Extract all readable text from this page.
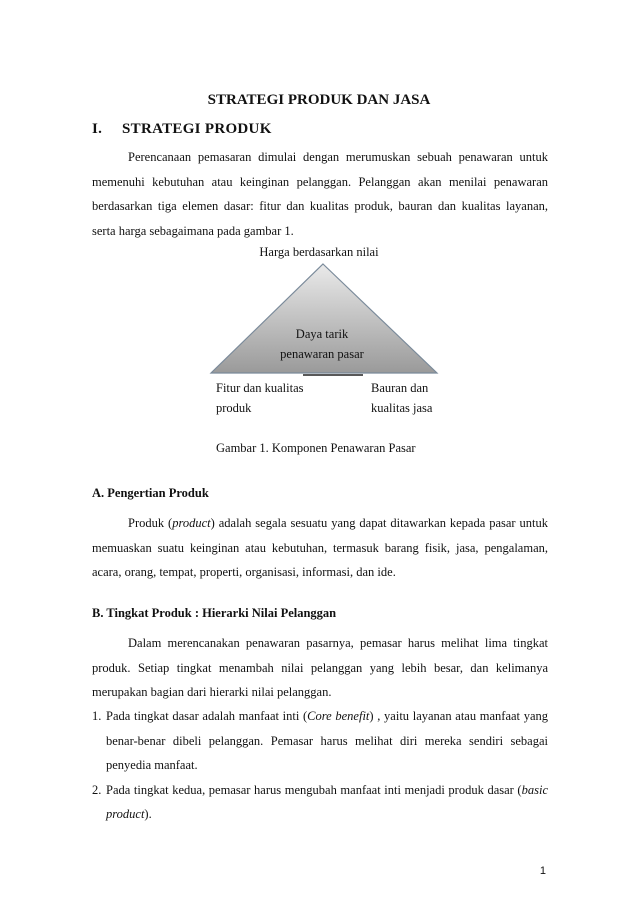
STRATEGI PRODUK DAN JASA
I. STRATEGI PRODUK

Perencanaan pemasaran dimulai dengan merumuskan sebuah penawaran untuk memenuhi kebutuhan atau keinginan pelanggan. Pelanggan akan menilai penawaran berdasarkan tiga elemen dasar: fitur dan kualitas produk, bauran dan kualitas layanan, serta harga sebagaimana pada gambar 1.

Harga berdasarkan nilai
Daya tarik
penawaran pasar
Fitur dan kualitas
produk
Bauran dan
kualitas jasa
Gambar 1. Komponen Penawaran Pasar
A. Pengertian Produk

Produk (product) adalah segala sesuatu yang dapat ditawarkan kepada pasar untuk memuaskan suatu keinginan atau kebutuhan, termasuk barang fisik, jasa, pengalaman, acara, orang, tempat, properti, organisasi, informasi, dan ide.

B. Tingkat Produk : Hierarki Nilai Pelanggan

Dalam merencanakan penawaran pasarnya, pemasar harus melihat lima tingkat produk. Setiap tingkat menambah nilai pelanggan yang lebih besar, dan kelimanya merupakan bagian dari hierarki nilai pelanggan.

1. Pada tingkat dasar adalah manfaat inti (Core benefit) , yaitu layanan atau manfaat yang benar-benar dibeli pelanggan. Pemasar harus melihat diri mereka sendiri sebagai penyedia manfaat.
2. Pada tingkat kedua, pemasar harus mengubah manfaat inti menjadi produk dasar (basic product).
1
